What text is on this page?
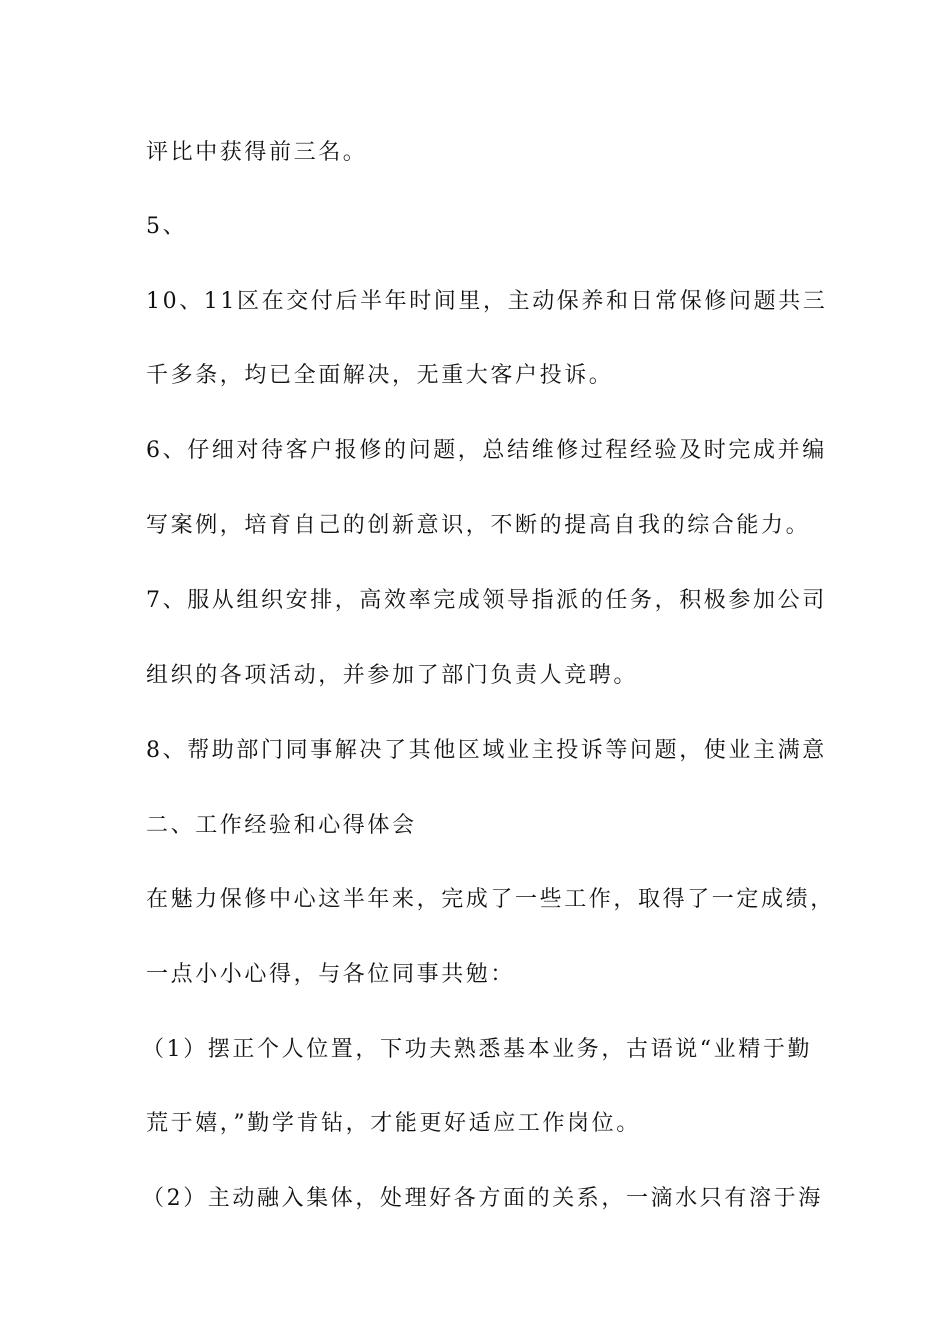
评比中获得前三名。

5、

10、11区在交付后半年时间里，主动保养和日常保修问题共三

千多条，均已全面解决，无重大客户投诉。

6、仔细对待客户报修的问题，总结维修过程经验及时完成并编

写案例，培育自己的创新意识，不断的提高自我的综合能力。

7、服从组织安排，高效率完成领导指派的任务，积极参加公司

组织的各项活动，并参加了部门负责人竞聘。

8、帮助部门同事解决了其他区域业主投诉等问题，使业主满意

二、工作经验和心得体会

在魅力保修中心这半年来，完成了一些工作，取得了一定成绩，

一点小小心得，与各位同事共勉：

（1）摆正个人位置，下功夫熟悉基本业务，古语说“业精于勤

荒于嬉，”勤学肯钻，才能更好适应工作岗位。

（2）主动融入集体，处理好各方面的关系，一滴水只有溶于海
